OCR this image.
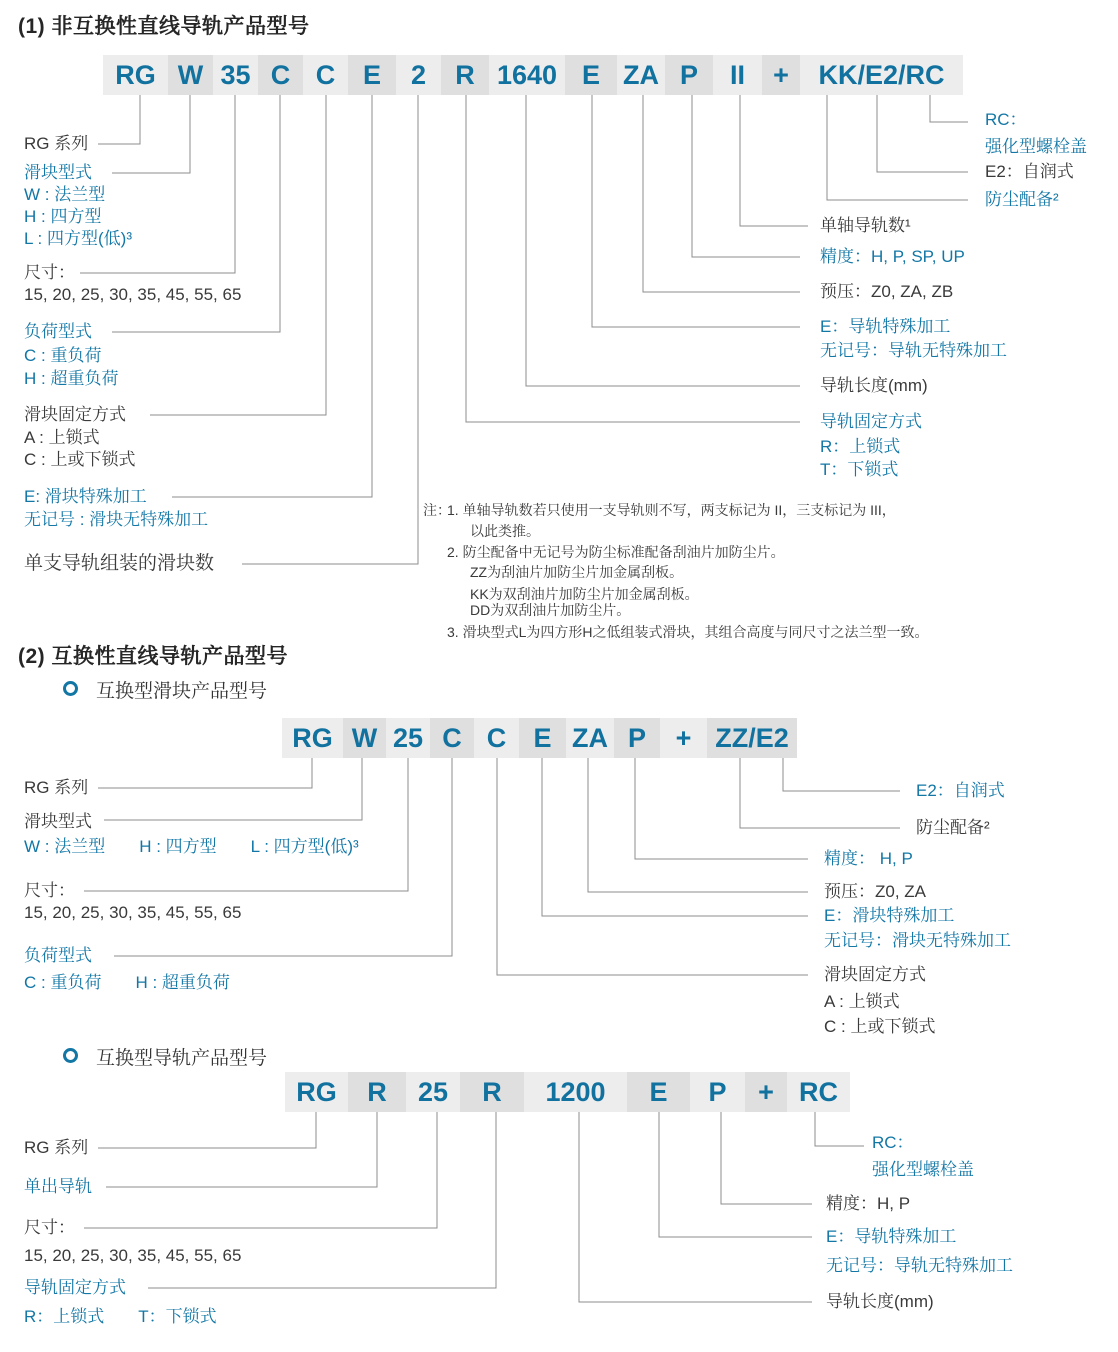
(1) 非互换性直线导轨产品型号
RG W 35 C C	E	2	R 1640 E ZA P	II	+	KK/E2/RC
RG 系列
滑块型式
W : 法兰型
H : 四方型
L : 四方型(低)³
尺寸：
15, 20, 25, 30, 35, 45, 55, 65
负荷型式
C : 重负荷
H : 超重负荷
滑块固定方式
A : 上锁式
C : 上或下锁式
E: 滑块特殊加工
无记号 : 滑块无特殊加工
单支导轨组装的滑块数
RC：
强化型螺栓盖
E2：自润式
防尘配备²
单轴导轨数¹
精度：H, P, SP, UP
预压：Z0, ZA, ZB
E：导轨特殊加工
无记号：导轨无特殊加工
导轨长度(mm)
导轨固定方式
R：上锁式
T：下锁式
注：
1. 单轴导轨数若只使用一支导轨则不写，两支标记为 II，三支标记为 III，
以此类推。
2. 防尘配备中无记号为防尘标准配备刮油片加防尘片。
ZZ为刮油片加防尘片加金属刮板。
KK为双刮油片加防尘片加金属刮板。
DD为双刮油片加防尘片。
3. 滑块型式L为四方形H之低组装式滑块，其组合高度与同尺寸之法兰型一致。
(2) 互换性直线导轨产品型号
互换型滑块产品型号
RG W 25 C C	E ZA P	+ ZZ/E2
RG 系列
滑块型式
W : 法兰型　　H : 四方型　　L : 四方型(低)³
尺寸：
15, 20, 25, 30, 35, 45, 55, 65
负荷型式
C : 重负荷　　H : 超重负荷
E2：自润式
防尘配备²
精度： H, P
预压：Z0, ZA
E：滑块特殊加工
无记号：滑块无特殊加工
滑块固定方式
A : 上锁式
C : 上或下锁式
互换型导轨产品型号
RG	R	25	R	1200	E	P	+ RC
RG 系列
单出导轨
尺寸：
15, 20, 25, 30, 35, 45, 55, 65
导轨固定方式
R：上锁式　　T：下锁式
RC：
强化型螺栓盖
精度：H, P
E：导轨特殊加工
无记号：导轨无特殊加工
导轨长度(mm)
